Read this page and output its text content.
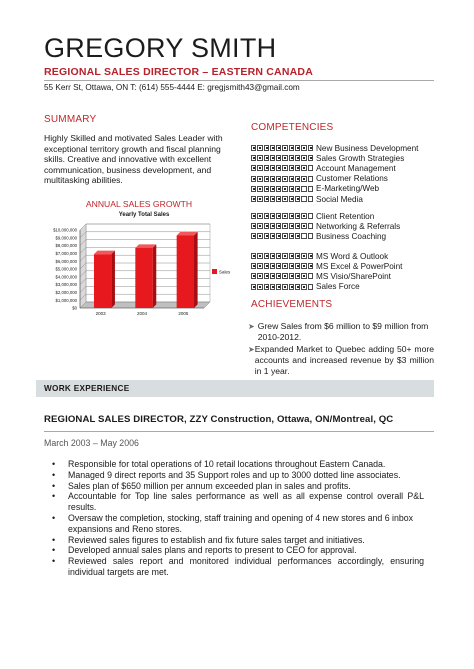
GREGORY SMITH
REGIONAL SALES DIRECTOR – EASTERN CANADA
55 Kerr St, Ottawa, ON T: (614) 555-4444 E: gregjsmith43@gmail.com
SUMMARY
Highly Skilled and motivated Sales Leader with exceptional territory growth and fiscal planning skills. Creative and innovative with excellent communication, business development, and multitasking abilities.
ANNUAL SALES GROWTH
Yearly Total Sales
$0
$1,000,000
$2,000,000
$3,000,000
$4,000,000
$5,000,000
$6,000,000
$7,000,000
$8,000,000
$9,000,000
$10,000,000
2003	2004	2005
Sales
COMPETENCIES
New Business Development
Sales Growth Strategies
Account Management
Customer Relations
E-Marketing/Web
Social Media
Client Retention
Networking & Referrals
Business Coaching
MS Word & Outlook
MS Excel & PowerPoint
MS Visio/SharePoint
Sales Force
ACHIEVEMENTS
➤ Grew Sales from $6 million to $9 million from 2010-2012.
➤ Expanded Market to Quebec adding 50+ more accounts and increased revenue by $3 million in 1 year.
WORK EXPERIENCE
REGIONAL SALES DIRECTOR, ZZY Construction, Ottawa, ON/Montreal, QC
March 2003 – May 2006
•	Responsible for total operations of 10 retail locations throughout Eastern Canada.
•	Managed 9 direct reports and 35 Support roles and up to 3000 dotted line associates.
•	Sales plan of $650 million per annum exceeded plan in sales and profits.
•	Accountable for Top line sales performance as well as all expense control overall P&L results.
•	Oversaw the completion, stocking, staff training and opening of 4 new stores and 6 inbox expansions and Reno stores.
•	Reviewed sales figures to establish and fix future sales target and initiatives.
•	Developed annual sales plans and reports to present to CEO for approval.
•	Reviewed sales report and monitored individual performances accordingly, ensuring individual targets are met.
